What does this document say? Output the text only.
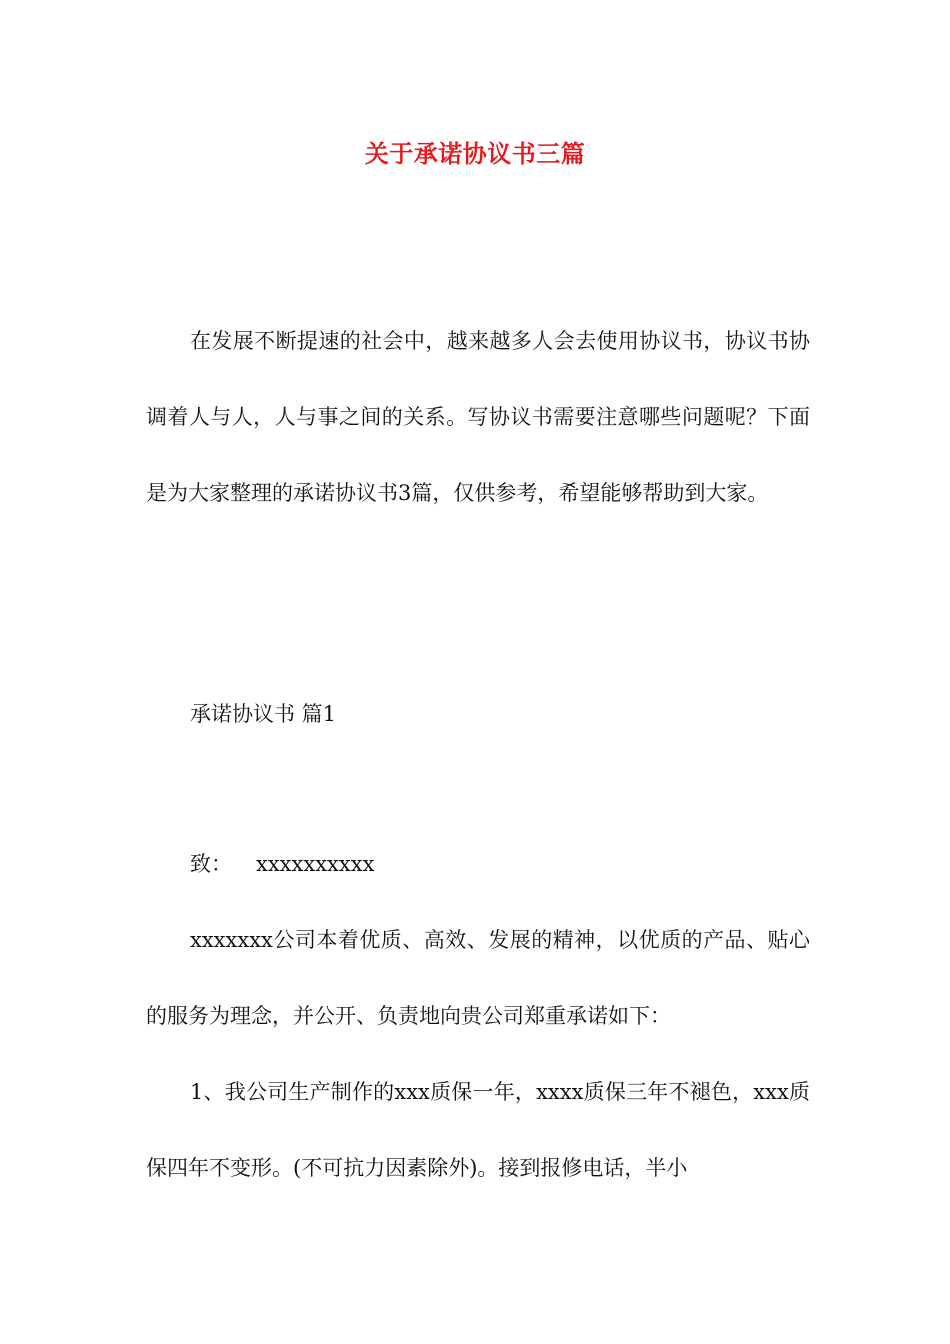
关于承诺协议书三篇

在发展不断提速的社会中，越来越多人会去使用协议书，协议书协调着人与人，人与事之间的关系。写协议书需要注意哪些问题呢？下面是为大家整理的承诺协议书3篇，仅供参考，希望能够帮助到大家。

承诺协议书 篇1

致： xxxxxxxxxx

xxxxxxx公司本着优质、高效、发展的精神，以优质的产品、贴心的服务为理念，并公开、负责地向贵公司郑重承诺如下：

1、我公司生产制作的xxx质保一年，xxxx质保三年不褪色，xxx质保四年不变形。(不可抗力因素除外)。接到报修电话，半小
